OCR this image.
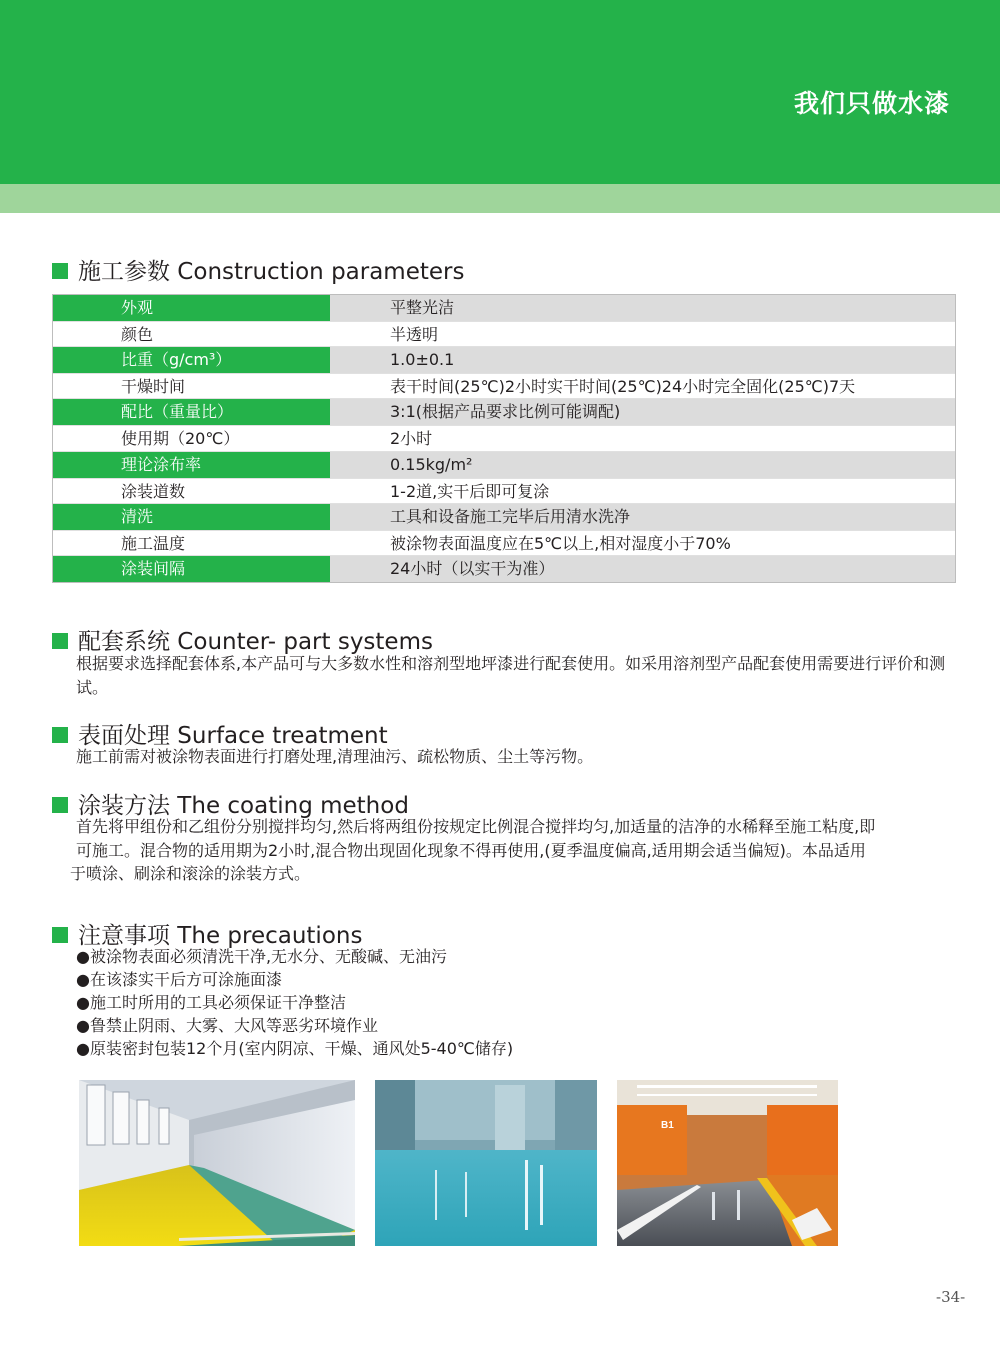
我们只做水漆
施工参数 Construction parameters
外观	平整光洁
颜色	半透明
比重（g/cm³）	1.0±0.1
干燥时间	表干时间(25℃)2小时实干时间(25℃)24小时完全固化(25℃)7天
配比（重量比）	3:1(根据产品要求比例可能调配)
使用期（20℃）	2小时
理论涂布率	0.15kg/m²
涂装道数	1-2道,实干后即可复涂
清洗	工具和设备施工完毕后用清水洗净
施工温度	被涂物表面温度应在5℃以上,相对湿度小于70%
涂装间隔	24小时（以实干为准）
配套系统 Counter- part systems
根据要求选择配套体系,本产品可与大多数水性和溶剂型地坪漆进行配套使用。如采用溶剂型产品配套使用需要进行评价和测试。
表面处理 Surface treatment
施工前需对被涂物表面进行打磨处理,清理油污、疏松物质、尘土等污物。
涂装方法 The coating method
首先将甲组份和乙组份分别搅拌均匀,然后将两组份按规定比例混合搅拌均匀,加适量的洁净的水稀释至施工粘度,即
可施工。混合物的适用期为2小时,混合物出现固化现象不得再使用,(夏季温度偏高,适用期会适当偏短)。本品适用
于喷涂、刷涂和滚涂的涂装方式。
注意事项 The precautions
●被涂物表面必须清洗干净,无水分、无酸碱、无油污
●在该漆实干后方可涂施面漆
●施工时所用的工具必须保证干净整洁
●鲁禁止阴雨、大雾、大风等恶劣环境作业
●原装密封包装12个月(室内阴凉、干燥、通风处5-40℃储存)
B1
-34-
